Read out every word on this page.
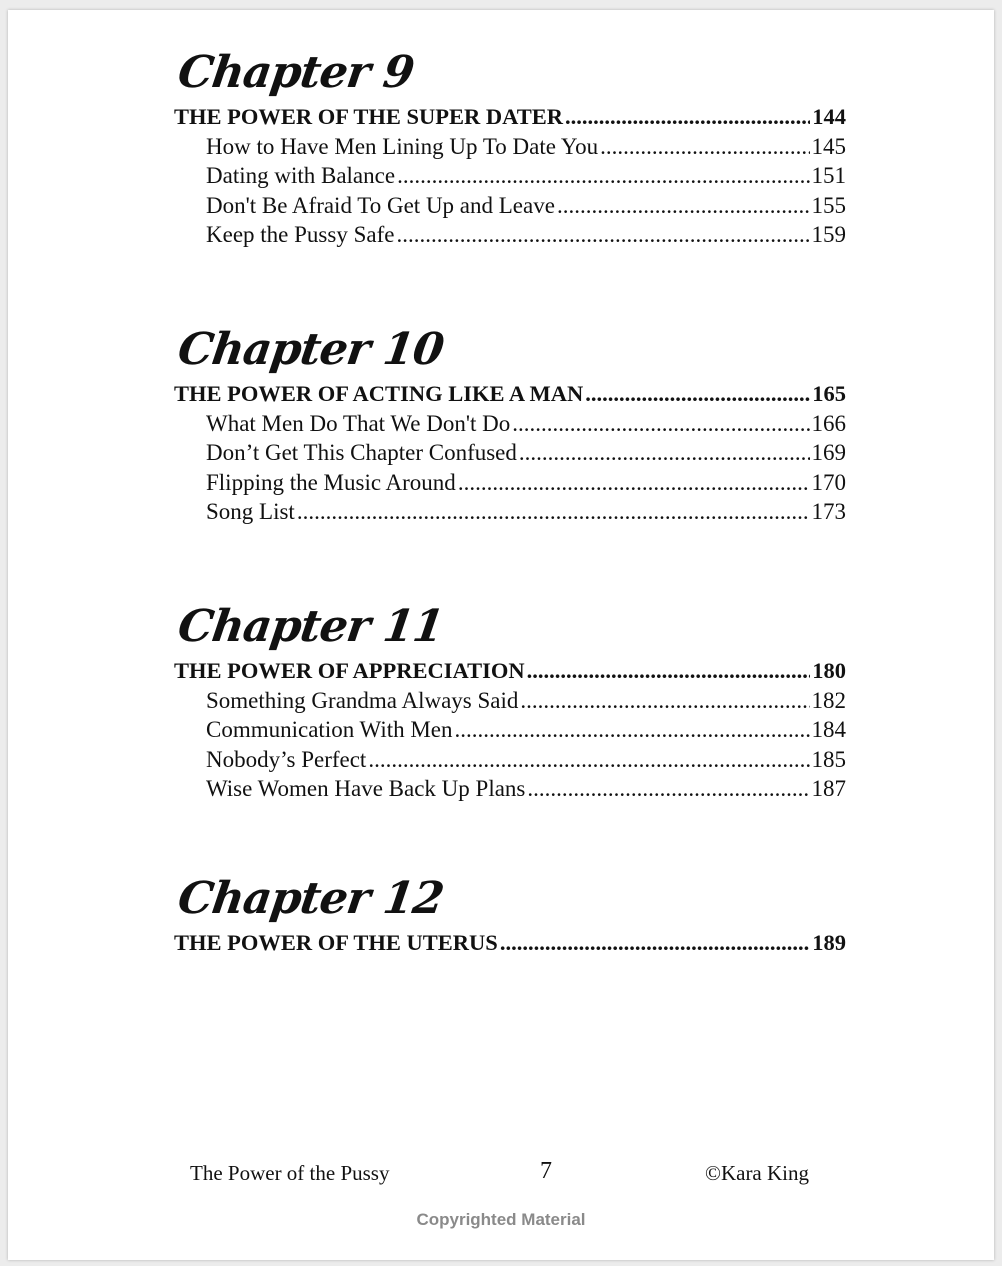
Chapter 9
THE POWER OF THE SUPER DATER .....	144
How to Have Men Lining Up To Date You .....	145
Dating with Balance .....	151
Don't Be Afraid To Get Up and Leave .....	155
Keep the Pussy Safe .....	159
Chapter 10
THE POWER OF ACTING LIKE A MAN .....	165
What Men Do That We Don't Do .....	166
Don’t Get This Chapter Confused .....	169
Flipping the Music Around .....	170
Song List .....	173
Chapter 11
THE POWER OF APPRECIATION .....	180
Something Grandma Always Said .....	182
Communication With Men .....	184
Nobody’s Perfect .....	185
Wise Women Have Back Up Plans .....	187
Chapter 12
THE POWER OF THE UTERUS .....	189
The Power of the Pussy	7	©Kara King
Copyrighted Material
